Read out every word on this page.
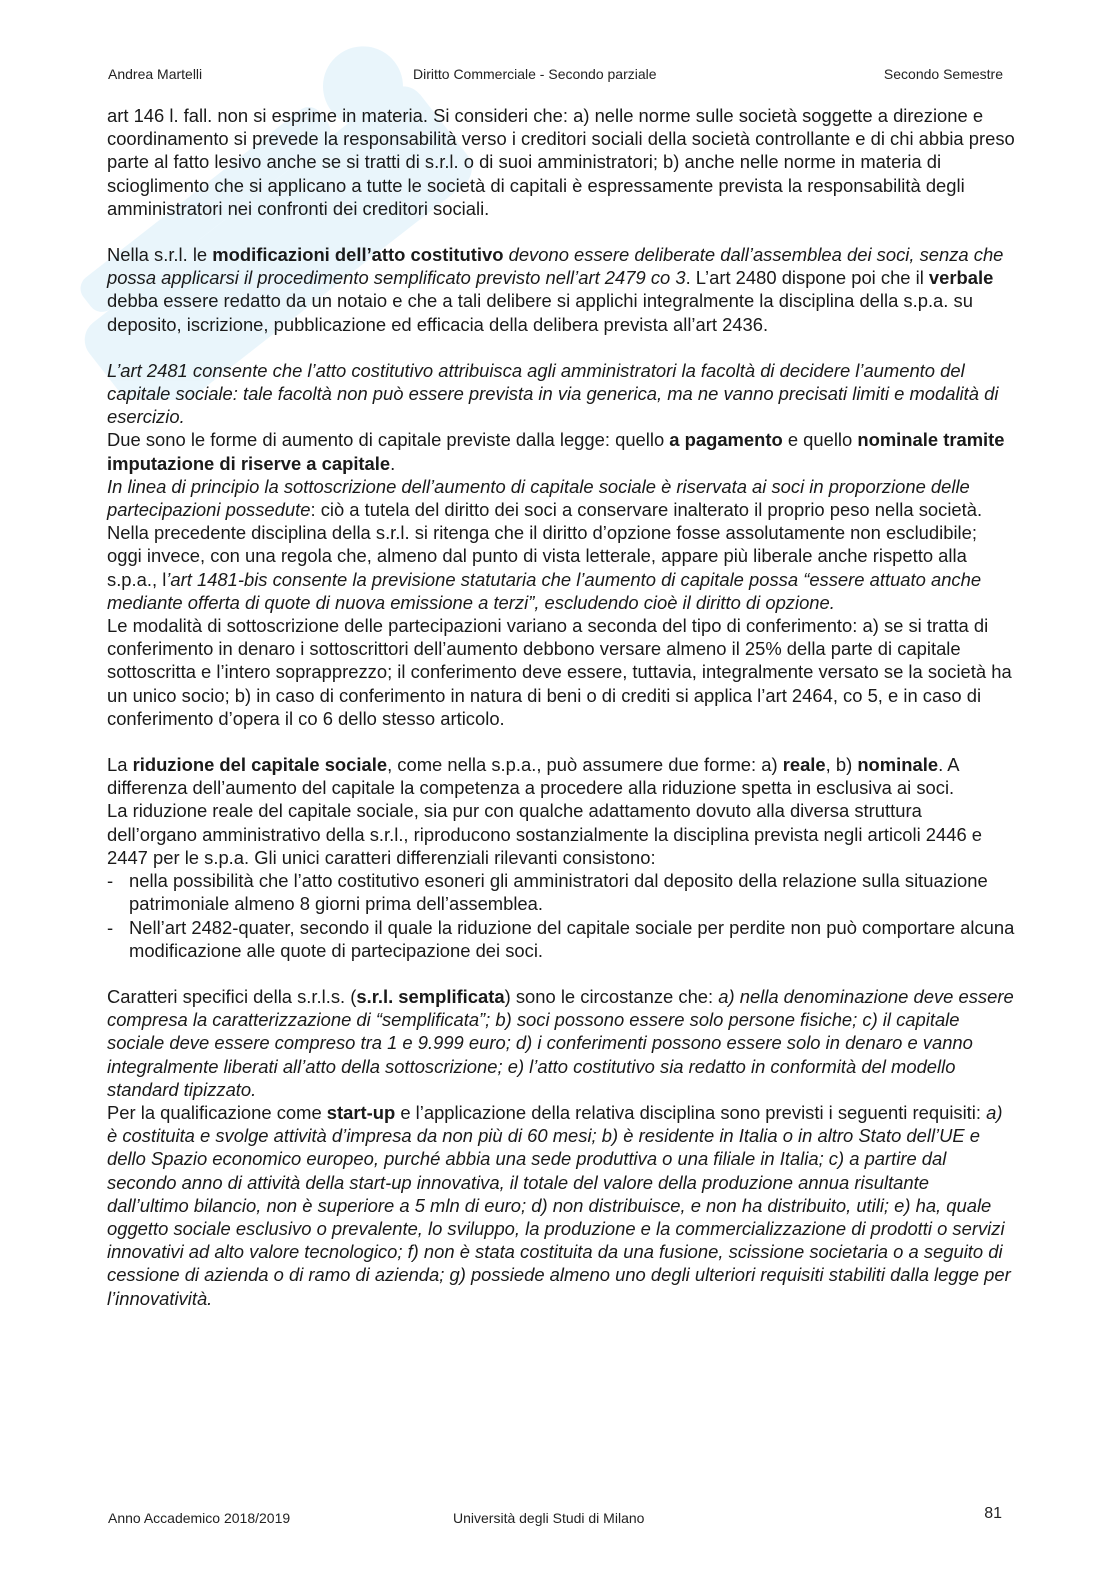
Andrea Martelli	Diritto Commerciale - Secondo parziale	Secondo Semestre

art 146 l. fall. non si esprime in materia. Si consideri che: a) nelle norme sulle società soggette a direzione e coordinamento si prevede la responsabilità verso i creditori sociali della società controllante e di chi abbia preso parte al fatto lesivo anche se si tratti di s.r.l. o di suoi amministratori; b) anche nelle norme in materia di scioglimento che si applicano a tutte le società di capitali è espressamente prevista la responsabilità degli amministratori nei confronti dei creditori sociali.

Nella s.r.l. le modificazioni dell’atto costitutivo devono essere deliberate dall’assemblea dei soci, senza che possa applicarsi il procedimento semplificato previsto nell’art 2479 co 3. L’art 2480 dispone poi che il verbale debba essere redatto da un notaio e che a tali delibere si applichi integralmente la disciplina della s.p.a. su deposito, iscrizione, pubblicazione ed efficacia della delibera prevista all’art 2436.

L’art 2481 consente che l’atto costitutivo attribuisca agli amministratori la facoltà di decidere l’aumento del capitale sociale: tale facoltà non può essere prevista in via generica, ma ne vanno precisati limiti e modalità di esercizio.

Due sono le forme di aumento di capitale previste dalla legge: quello a pagamento e quello nominale tramite imputazione di riserve a capitale.

In linea di principio la sottoscrizione dell’aumento di capitale sociale è riservata ai soci in proporzione delle partecipazioni possedute: ciò a tutela del diritto dei soci a conservare inalterato il proprio peso nella società. Nella precedente disciplina della s.r.l. si ritenga che il diritto d’opzione fosse assolutamente non escludibile; oggi invece, con una regola che, almeno dal punto di vista letterale, appare più liberale anche rispetto alla s.p.a., l’art 1481-bis consente la previsione statutaria che l’aumento di capitale possa “essere attuato anche mediante offerta di quote di nuova emissione a terzi”, escludendo cioè il diritto di opzione.

Le modalità di sottoscrizione delle partecipazioni variano a seconda del tipo di conferimento: a) se si tratta di conferimento in denaro i sottoscrittori dell’aumento debbono versare almeno il 25% della parte di capitale sottoscritta e l’intero soprapprezzo; il conferimento deve essere, tuttavia, integralmente versato se la società ha un unico socio; b) in caso di conferimento in natura di beni o di crediti si applica l’art 2464, co 5, e in caso di conferimento d’opera il co 6 dello stesso articolo.

La riduzione del capitale sociale, come nella s.p.a., può assumere due forme: a) reale, b) nominale. A differenza dell’aumento del capitale la competenza a procedere alla riduzione spetta in esclusiva ai soci.

La riduzione reale del capitale sociale, sia pur con qualche adattamento dovuto alla diversa struttura dell’organo amministrativo della s.r.l., riproducono sostanzialmente la disciplina prevista negli articoli 2446 e 2447 per le s.p.a. Gli unici caratteri differenziali rilevanti consistono:

- nella possibilità che l’atto costitutivo esoneri gli amministratori dal deposito della relazione sulla situazione patrimoniale almeno 8 giorni prima dell’assemblea.
- Nell’art 2482-quater, secondo il quale la riduzione del capitale sociale per perdite non può comportare alcuna modificazione alle quote di partecipazione dei soci.

Caratteri specifici della s.r.l.s. (s.r.l. semplificata) sono le circostanze che: a) nella denominazione deve essere compresa la caratterizzazione di “semplificata”; b) soci possono essere solo persone fisiche; c) il capitale sociale deve essere compreso tra 1 e 9.999 euro; d) i conferimenti possono essere solo in denaro e vanno integralmente liberati all’atto della sottoscrizione; e) l’atto costitutivo sia redatto in conformità del modello standard tipizzato.

Per la qualificazione come start-up e l’applicazione della relativa disciplina sono previsti i seguenti requisiti: a) è costituita e svolge attività d’impresa da non più di 60 mesi; b) è residente in Italia o in altro Stato dell’UE e dello Spazio economico europeo, purché abbia una sede produttiva o una filiale in Italia; c) a partire dal secondo anno di attività della start-up innovativa, il totale del valore della produzione annua risultante dall’ultimo bilancio, non è superiore a 5 mln di euro; d) non distribuisce, e non ha distribuito, utili; e) ha, quale oggetto sociale esclusivo o prevalente, lo sviluppo, la produzione e la commercializzazione di prodotti o servizi innovativi ad alto valore tecnologico; f) non è stata costituita da una fusione, scissione societaria o a seguito di cessione di azienda o di ramo di azienda; g) possiede almeno uno degli ulteriori requisiti stabiliti dalla legge per l’innovatività.

Anno Accademico 2018/2019	Università degli Studi di Milano	81
